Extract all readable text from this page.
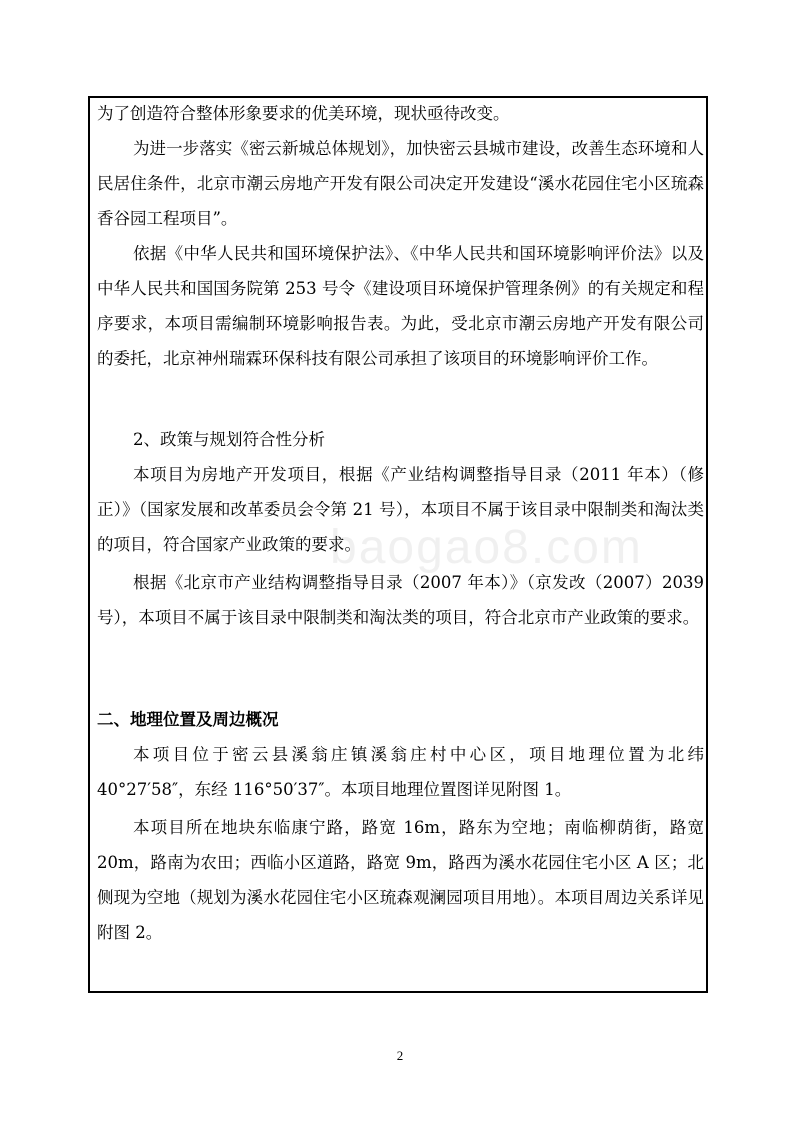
为了创造符合整体形象要求的优美环境，现状亟待改变。

为进一步落实《密云新城总体规划》，加快密云县城市建设，改善生态环境和人民居住条件，北京市潮云房地产开发有限公司决定开发建设“溪水花园住宅小区琉森香谷园工程项目”。

依据《中华人民共和国环境保护法》、《中华人民共和国环境影响评价法》以及中华人民共和国国务院第 253 号令《建设项目环境保护管理条例》的有关规定和程序要求，本项目需编制环境影响报告表。为此，受北京市潮云房地产开发有限公司的委托，北京神州瑞霖环保科技有限公司承担了该项目的环境影响评价工作。

2、政策与规划符合性分析

本项目为房地产开发项目，根据《产业结构调整指导目录（2011 年本）（修正）》（国家发展和改革委员会令第 21 号），本项目不属于该目录中限制类和淘汰类的项目，符合国家产业政策的要求。

根据《北京市产业结构调整指导目录（2007 年本）》（京发改（2007）2039 号），本项目不属于该目录中限制类和淘汰类的项目，符合北京市产业政策的要求。

二、地理位置及周边概况

本项目位于密云县溪翁庄镇溪翁庄村中心区，项目地理位置为北纬 40°27′58″，东经 116°50′37″。本项目地理位置图详见附图 1。

本项目所在地块东临康宁路，路宽 16m，路东为空地；南临柳荫街，路宽 20m，路南为农田；西临小区道路，路宽 9m，路西为溪水花园住宅小区 A 区；北侧现为空地（规划为溪水花园住宅小区琉森观澜园项目用地）。本项目周边关系详见附图 2。

baogao8.com
2
